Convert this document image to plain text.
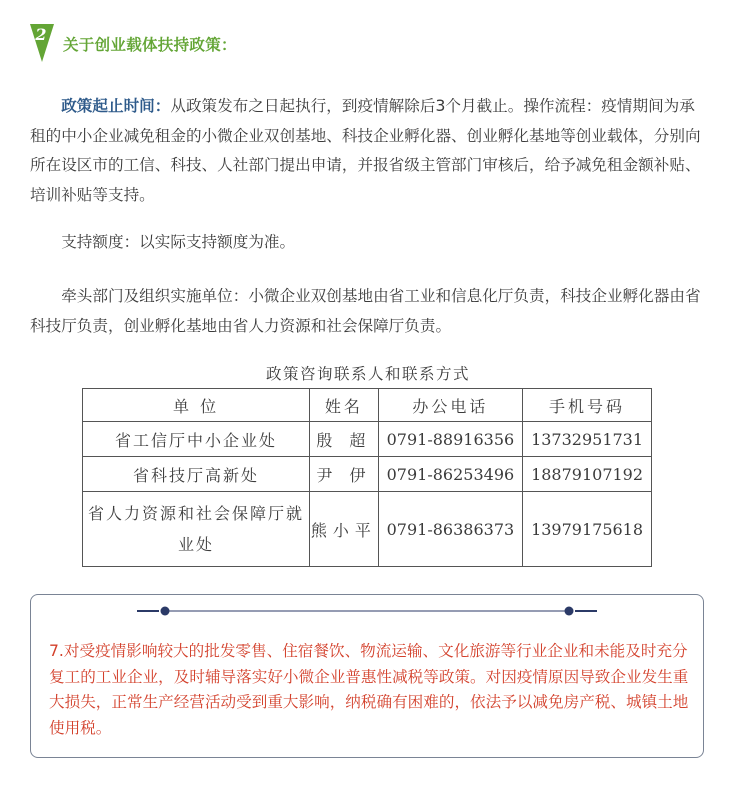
2
关于创业载体扶持政策：

政策起止时间：从政策发布之日起执行，到疫情解除后3个月截止。操作流程：疫情期间为承租的中小企业减免租金的小微企业双创基地、科技企业孵化器、创业孵化基地等创业载体，分别向所在设区市的工信、科技、人社部门提出申请，并报省级主管部门审核后，给予减免租金额补贴、培训补贴等支持。

支持额度：以实际支持额度为准。

牵头部门及组织实施单位：小微企业双创基地由省工业和信息化厅负责，科技企业孵化器由省科技厅负责，创业孵化基地由省人力资源和社会保障厅负责。

政策咨询联系人和联系方式
单 位	姓名	办公电话	手机号码
省工信厅中小企业处	殷 超	0791-88916356	13732951731
省科技厅高新处	尹 伊	0791-86253496	18879107192
省人力资源和社会保障厅就业处	熊小平	0791-86386373	13979175618

7.对受疫情影响较大的批发零售、住宿餐饮、物流运输、文化旅游等行业企业和未能及时充分复工的工业企业，及时辅导落实好小微企业普惠性减税等政策。对因疫情原因导致企业发生重大损失，正常生产经营活动受到重大影响，纳税确有困难的，依法予以减免房产税、城镇土地使用税。
